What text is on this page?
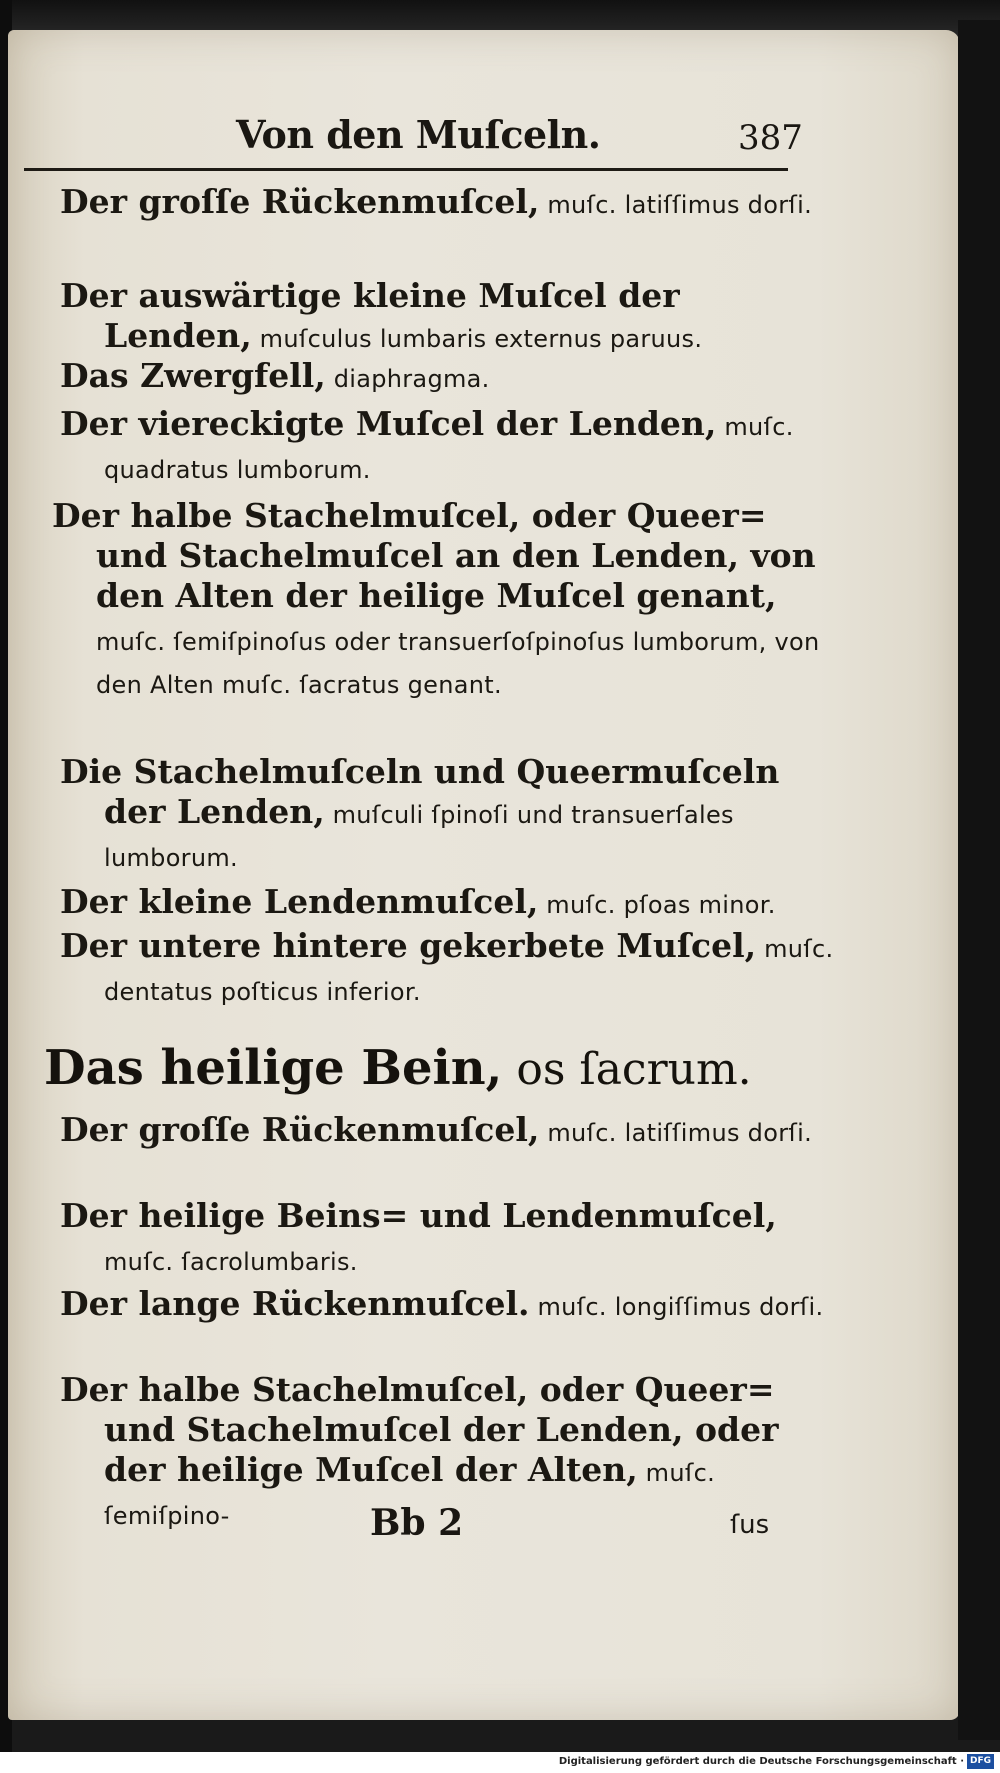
Von den Muſceln.	387
Der groſſe Rückenmuſcel, muſc. latiſſimus dorſi.
Der auswärtige kleine Muſcel der Lenden, muſculus lumbaris externus paruus.
Das Zwergfell, diaphragma.
Der viereckigte Muſcel der Lenden, muſc. quadratus lumborum.
Der halbe Stachelmuſcel, oder Queer= und Stachelmuſcel an den Lenden, von den Alten der heilige Muſcel genant, muſc. ſemiſpinoſus oder transuerſoſpinoſus lumborum, von den Alten muſc. ſacratus genant.
Die Stachelmuſceln und Queermuſceln der Lenden, muſculi ſpinoſi und transuerſales lumborum.
Der kleine Lendenmuſcel, muſc. pſoas minor.
Der untere hintere gekerbete Muſcel, muſc. dentatus poſticus inferior.
Das heilige Bein, os ſacrum.
Der groſſe Rückenmuſcel, muſc. latiſſimus dorſi.
Der heilige Beins= und Lendenmuſcel, muſc. ſacrolumbaris.
Der lange Rückenmuſcel. muſc. longiſſimus dorſi.
Der halbe Stachelmuſcel, oder Queer= und Stachelmuſcel der Lenden, oder der heilige Muſcel der Alten, muſc. ſemiſpino-	Bb 2	ſus
Digitalisierung gefördert durch die Deutsche Forschungsgemeinschaft · DFG
